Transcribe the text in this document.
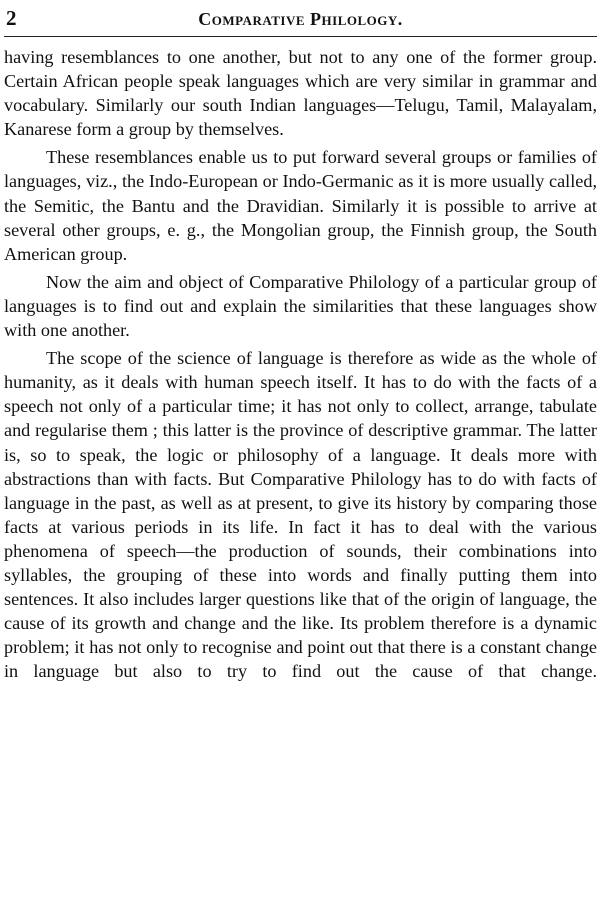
2	Comparative Philology.

having resemblances to one another, but not to any one of the former group. Certain African people speak languages which are very similar in grammar and vocabulary. Similarly our south Indian languages—Telugu, Tamil, Malayalam, Kanarese form a group by themselves.

These resemblances enable us to put forward several groups or families of languages, viz., the Indo-European or Indo-Germanic as it is more usually called, the Semitic, the Bantu and the Dravidian. Similarly it is possible to arrive at several other groups, e. g., the Mongolian group, the Finnish group, the South American group.

Now the aim and object of Comparative Philology of a particular group of languages is to find out and explain the similarities that these languages show with one another.

The scope of the science of language is therefore as wide as the whole of humanity, as it deals with human speech itself. It has to do with the facts of a speech not only of a particular time; it has not only to collect, arrange, tabulate and regularise them ; this latter is the province of descriptive grammar. The latter is, so to speak, the logic or philosophy of a language. It deals more with abstractions than with facts. But Comparative Philology has to do with facts of language in the past, as well as at present, to give its history by comparing those facts at various periods in its life. In fact it has to deal with the various phenomena of speech—the production of sounds, their combinations into syllables, the grouping of these into words and finally putting them into sentences. It also includes larger questions like that of the origin of language, the cause of its growth and change and the like. Its problem therefore is a dynamic problem; it has not only to recognise and point out that there is a constant change in language but also to try to find out the cause of that change.
